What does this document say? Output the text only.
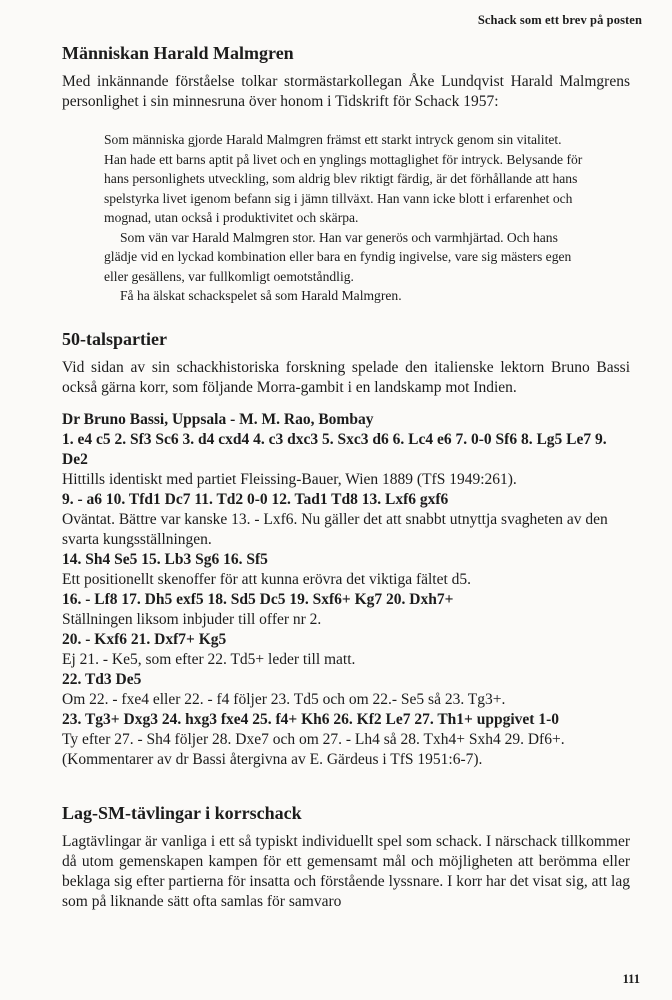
Schack som ett brev på posten
Människan Harald Malmgren

Med inkännande förståelse tolkar stormästarkollegan Åke Lundqvist Harald Malmgrens personlighet i sin minnesruna över honom i Tidskrift för Schack 1957:

Som människa gjorde Harald Malmgren främst ett starkt intryck genom sin vitalitet. Han hade ett barns aptit på livet och en ynglings mottaglighet för intryck. Belysande för hans personlighets utveckling, som aldrig blev riktigt färdig, är det förhållande att hans spelstyrka livet igenom befann sig i jämn tillväxt. Han vann icke blott i erfarenhet och mognad, utan också i produktivitet och skärpa.

Som vän var Harald Malmgren stor. Han var generös och varmhjärtad. Och hans glädje vid en lyckad kombination eller bara en fyndig ingivelse, vare sig mästers egen eller gesällens, var fullkomligt oemotståndlig.

Få ha älskat schackspelet så som Harald Malmgren.

50-talspartier

Vid sidan av sin schackhistoriska forskning spelade den italienske lektorn Bruno Bassi också gärna korr, som följande Morra-gambit i en landskamp mot Indien.

Dr Bruno Bassi, Uppsala - M. M. Rao, Bombay

1. e4 c5 2. Sf3 Sc6 3. d4 cxd4 4. c3 dxc3 5. Sxc3 d6 6. Lc4 e6 7. 0-0 Sf6 8. Lg5 Le7 9. De2

Hittills identiskt med partiet Fleissing-Bauer, Wien 1889 (TfS 1949:261).

9. - a6 10. Tfd1 Dc7 11. Td2 0-0 12. Tad1 Td8 13. Lxf6 gxf6

Oväntat. Bättre var kanske 13. - Lxf6. Nu gäller det att snabbt utnyttja svagheten av den svarta kungsställningen.

14. Sh4 Se5 15. Lb3 Sg6 16. Sf5

Ett positionellt skenoffer för att kunna erövra det viktiga fältet d5.

16. - Lf8 17. Dh5 exf5 18. Sd5 Dc5 19. Sxf6+ Kg7 20. Dxh7+

Ställningen liksom inbjuder till offer nr 2.

20. - Kxf6 21. Dxf7+ Kg5

Ej 21. - Ke5, som efter 22. Td5+ leder till matt.

22. Td3 De5

Om 22. - fxe4 eller 22. - f4 följer 23. Td5 och om 22.- Se5 så 23. Tg3+.

23. Tg3+ Dxg3 24. hxg3 fxe4 25. f4+ Kh6 26. Kf2 Le7 27. Th1+ uppgivet 1-0

Ty efter 27. - Sh4 följer 28. Dxe7 och om 27. - Lh4 så 28. Txh4+ Sxh4 29. Df6+. (Kommentarer av dr Bassi återgivna av E. Gärdeus i TfS 1951:6-7).

Lag-SM-tävlingar i korrschack

Lagtävlingar är vanliga i ett så typiskt individuellt spel som schack. I närschack tillkommer då utom gemenskapen kampen för ett gemensamt mål och möjligheten att berömma eller beklaga sig efter partierna för insatta och förstående lyssnare. I korr har det visat sig, att lag som på liknande sätt ofta samlas för samvaro

111
